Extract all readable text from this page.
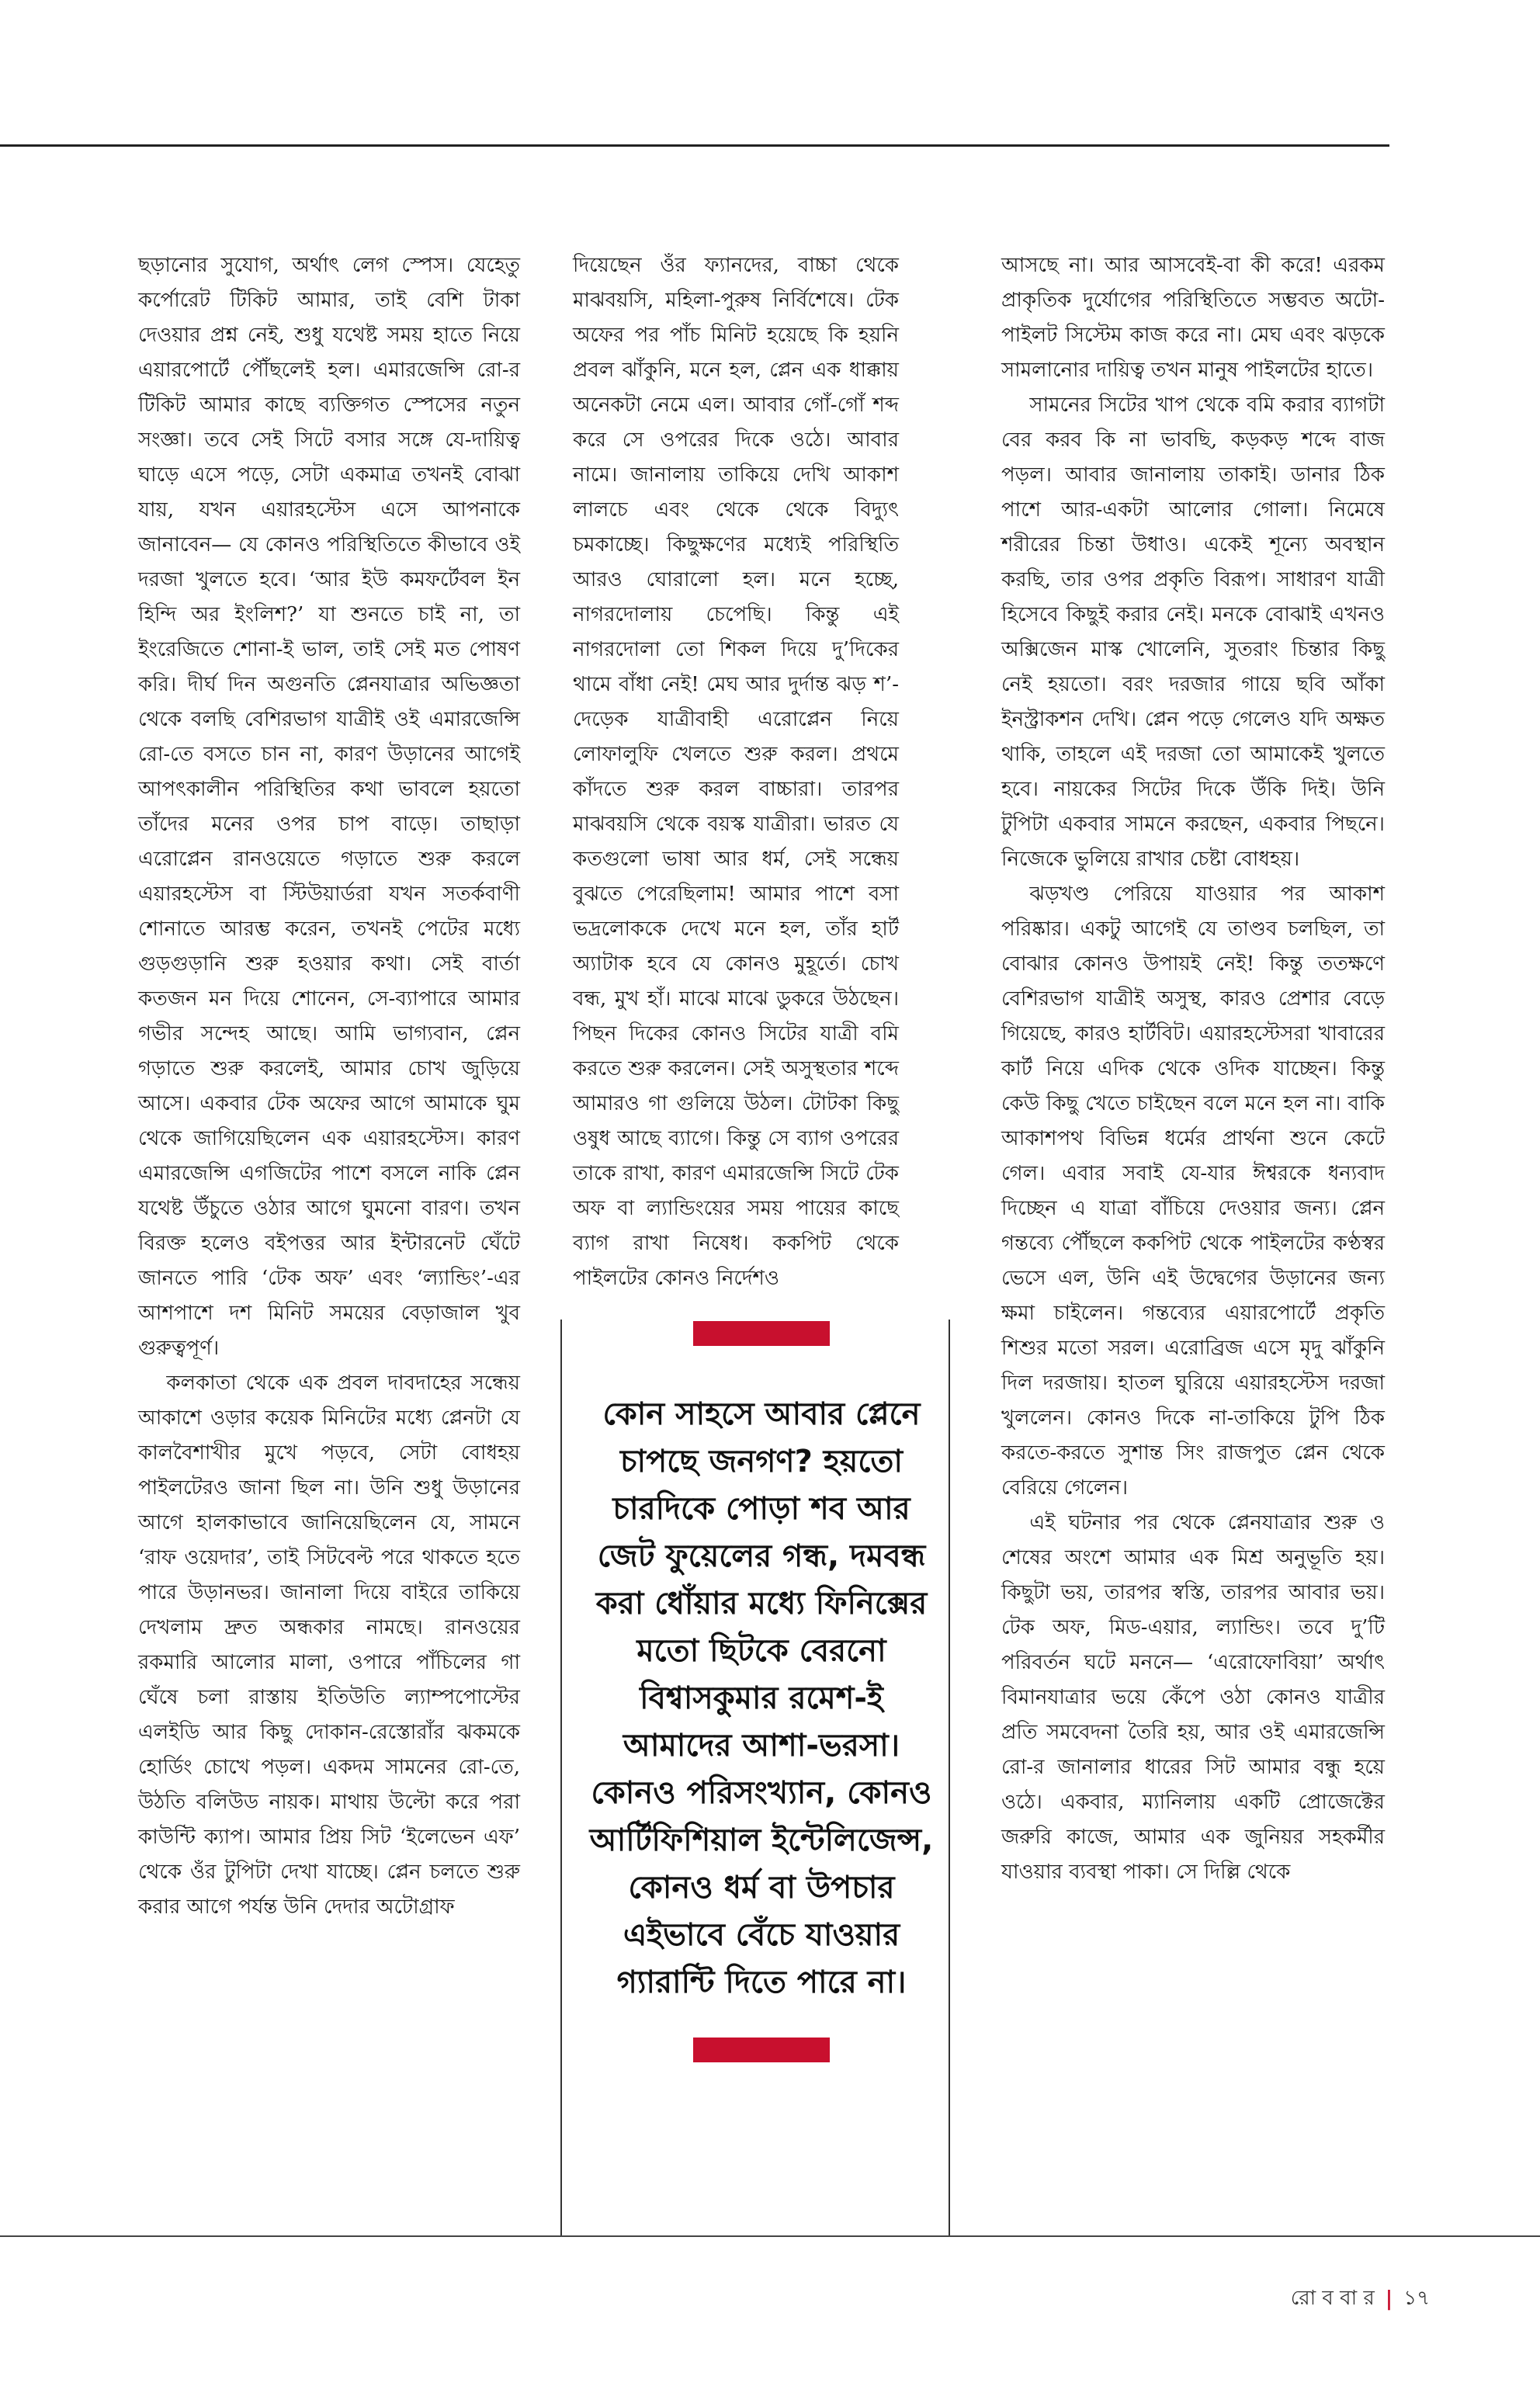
ছড়ানোর সুযোগ, অর্থাৎ লেগ স্পেস। যেহেতু কর্পোরেট টিকিট আমার, তাই বেশি টাকা দেওয়ার প্রশ্ন নেই, শুধু যথেষ্ট সময় হাতে নিয়ে এয়ারপোর্টে পৌঁছলেই হল। এমারজেন্সি রো-র টিকিট আমার কাছে ব্যক্তিগত স্পেসের নতুন সংজ্ঞা। তবে সেই সিটে বসার সঙ্গে যে-দায়িত্ব ঘাড়ে এসে পড়ে, সেটা একমাত্র তখনই বোঝা যায়, যখন এয়ারহস্টেস এসে আপনাকে জানাবেন— যে কোনও পরিস্থিতিতে কীভাবে ওই দরজা খুলতে হবে। ‘আর ইউ কমফর্টেবল ইন হিন্দি অর ইংলিশ?’ যা শুনতে চাই না, তা ইংরেজিতে শোনা-ই ভাল, তাই সেই মত পোষণ করি। দীর্ঘ দিন অগুনতি প্লেনযাত্রার অভিজ্ঞতা থেকে বলছি বেশিরভাগ যাত্রীই ওই এমারজেন্সি রো-তে বসতে চান না, কারণ উড়ানের আগেই আপৎকালীন পরিস্থিতির কথা ভাবলে হয়তো তাঁদের মনের ওপর চাপ বাড়ে। তাছাড়া এরোপ্লেন রানওয়েতে গড়াতে শুরু করলে এয়ারহস্টেস বা স্টিউয়ার্ডরা যখন সতর্কবাণী শোনাতে আরম্ভ করেন, তখনই পেটের মধ্যে গুড়গুড়ানি শুরু হওয়ার কথা। সেই বার্তা কতজন মন দিয়ে শোনেন, সে-ব্যাপারে আমার গভীর সন্দেহ আছে। আমি ভাগ্যবান, প্লেন গড়াতে শুরু করলেই, আমার চোখ জুড়িয়ে আসে। একবার টেক অফের আগে আমাকে ঘুম থেকে জাগিয়েছিলেন এক এয়ারহস্টেস। কারণ এমারজেন্সি এগজিটের পাশে বসলে নাকি প্লেন যথেষ্ট উঁচুতে ওঠার আগে ঘুমনো বারণ। তখন বিরক্ত হলেও বইপত্তর আর ইন্টারনেট ঘেঁটে জানতে পারি ‘টেক অফ’ এবং ‘ল্যান্ডিং’-এর আশপাশে দশ মিনিট সময়ের বেড়াজাল খুব গুরুত্বপূর্ণ।

কলকাতা থেকে এক প্রবল দাবদাহের সন্ধেয় আকাশে ওড়ার কয়েক মিনিটের মধ্যে প্লেনটা যে কালবৈশাখীর মুখে পড়বে, সেটা বোধহয় পাইলটেরও জানা ছিল না। উনি শুধু উড়ানের আগে হালকাভাবে জানিয়েছিলেন যে, সামনে ‘রাফ ওয়েদার’, তাই সিটবেল্ট পরে থাকতে হতে পারে উড়ানভর। জানালা দিয়ে বাইরে তাকিয়ে দেখলাম দ্রুত অন্ধকার নামছে। রানওয়ের রকমারি আলোর মালা, ওপারে পাঁচিলের গা ঘেঁষে চলা রাস্তায় ইতিউতি ল্যাম্পপোস্টের এলইডি আর কিছু দোকান-রেস্তোরাঁর ঝকমকে হোর্ডিং চোখে পড়ল। একদম সামনের রো-তে, উঠতি বলিউড নায়ক। মাথায় উল্টো করে পরা কাউন্টি ক্যাপ। আমার প্রিয় সিট ‘ইলেভেন এফ’ থেকে ওঁর টুপিটা দেখা যাচ্ছে। প্লেন চলতে শুরু করার আগে পর্যন্ত উনি দেদার অটোগ্রাফ

দিয়েছেন ওঁর ফ্যানদের, বাচ্চা থেকে মাঝবয়সি, মহিলা-পুরুষ নির্বিশেষে। টেক অফের পর পাঁচ মিনিট হয়েছে কি হয়নি প্রবল ঝাঁকুনি, মনে হল, প্লেন এক ধাক্কায় অনেকটা নেমে এল। আবার গোঁ-গোঁ শব্দ করে সে ওপরের দিকে ওঠে। আবার নামে। জানালায় তাকিয়ে দেখি আকাশ লালচে এবং থেকে থেকে বিদ্যুৎ চমকাচ্ছে। কিছুক্ষণের মধ্যেই পরিস্থিতি আরও ঘোরালো হল। মনে হচ্ছে, নাগরদোলায় চেপেছি। কিন্তু এই নাগরদোলা তো শিকল দিয়ে দু’দিকের থামে বাঁধা নেই! মেঘ আর দুর্দান্ত ঝড় শ’-দেড়েক যাত্রীবাহী এরোপ্লেন নিয়ে লোফালুফি খেলতে শুরু করল। প্রথমে কাঁদতে শুরু করল বাচ্চারা। তারপর মাঝবয়সি থেকে বয়স্ক যাত্রীরা। ভারত যে কতগুলো ভাষা আর ধর্ম, সেই সন্ধেয় বুঝতে পেরেছিলাম! আমার পাশে বসা ভদ্রলোককে দেখে মনে হল, তাঁর হার্ট অ্যাটাক হবে যে কোনও মুহূর্তে। চোখ বন্ধ, মুখ হাঁ। মাঝে মাঝে ডুকরে উঠছেন। পিছন দিকের কোনও সিটের যাত্রী বমি করতে শুরু করলেন। সেই অসুস্থতার শব্দে আমারও গা গুলিয়ে উঠল। টোটকা কিছু ওষুধ আছে ব্যাগে। কিন্তু সে ব্যাগ ওপরের তাকে রাখা, কারণ এমারজেন্সি সিটে টেক অফ বা ল্যান্ডিংয়ের সময় পায়ের কাছে ব্যাগ রাখা নিষেধ। ককপিট থেকে পাইলটের কোনও নির্দেশও

কোন সাহসে আবার প্লেনে চাপছে জনগণ? হয়তো চারদিকে পোড়া শব আর জেট ফুয়েলের গন্ধ, দমবন্ধ করা ধোঁয়ার মধ্যে ফিনিক্সের মতো ছিটকে বেরনো বিশ্বাসকুমার রমেশ-ই আমাদের আশা-ভরসা। কোনও পরিসংখ্যান, কোনও আর্টিফিশিয়াল ইন্টেলিজেন্স, কোনও ধর্ম বা উপচার এইভাবে বেঁচে যাওয়ার গ্যারান্টি দিতে পারে না।

আসছে না। আর আসবেই-বা কী করে! এরকম প্রাকৃতিক দুর্যোগের পরিস্থিতিতে সম্ভবত অটো-পাইলট সিস্টেম কাজ করে না। মেঘ এবং ঝড়কে সামলানোর দায়িত্ব তখন মানুষ পাইলটের হাতে।

সামনের সিটের খাপ থেকে বমি করার ব্যাগটা বের করব কি না ভাবছি, কড়কড় শব্দে বাজ পড়ল। আবার জানালায় তাকাই। ডানার ঠিক পাশে আর-একটা আলোর গোলা। নিমেষে শরীরের চিন্তা উধাও। একেই শূন্যে অবস্থান করছি, তার ওপর প্রকৃতি বিরূপ। সাধারণ যাত্রী হিসেবে কিছুই করার নেই। মনকে বোঝাই এখনও অক্সিজেন মাস্ক খোলেনি, সুতরাং চিন্তার কিছু নেই হয়তো। বরং দরজার গায়ে ছবি আঁকা ইনস্ট্রাকশন দেখি। প্লেন পড়ে গেলেও যদি অক্ষত থাকি, তাহলে এই দরজা তো আমাকেই খুলতে হবে। নায়কের সিটের দিকে উঁকি দিই। উনি টুপিটা একবার সামনে করছেন, একবার পিছনে। নিজেকে ভুলিয়ে রাখার চেষ্টা বোধহয়।

ঝড়খণ্ড পেরিয়ে যাওয়ার পর আকাশ পরিষ্কার। একটু আগেই যে তাণ্ডব চলছিল, তা বোঝার কোনও উপায়ই নেই! কিন্তু ততক্ষণে বেশিরভাগ যাত্রীই অসুস্থ, কারও প্রেশার বেড়ে গিয়েছে, কারও হার্টবিট। এয়ারহস্টেসরা খাবারের কার্ট নিয়ে এদিক থেকে ওদিক যাচ্ছেন। কিন্তু কেউ কিছু খেতে চাইছেন বলে মনে হল না। বাকি আকাশপথ বিভিন্ন ধর্মের প্রার্থনা শুনে কেটে গেল। এবার সবাই যে-যার ঈশ্বরকে ধন্যবাদ দিচ্ছেন এ যাত্রা বাঁচিয়ে দেওয়ার জন্য। প্লেন গন্তব্যে পৌঁছলে ককপিট থেকে পাইলটের কণ্ঠস্বর ভেসে এল, উনি এই উদ্বেগের উড়ানের জন্য ক্ষমা চাইলেন। গন্তব্যের এয়ারপোর্টে প্রকৃতি শিশুর মতো সরল। এরোব্রিজ এসে মৃদু ঝাঁকুনি দিল দরজায়। হাতল ঘুরিয়ে এয়ারহস্টেস দরজা খুললেন। কোনও দিকে না-তাকিয়ে টুপি ঠিক করতে-করতে সুশান্ত সিং রাজপুত প্লেন থেকে বেরিয়ে গেলেন।

এই ঘটনার পর থেকে প্লেনযাত্রার শুরু ও শেষের অংশে আমার এক মিশ্র অনুভূতি হয়। কিছুটা ভয়, তারপর স্বস্তি, তারপর আবার ভয়। টেক অফ, মিড-এয়ার, ল্যান্ডিং। তবে দু’টি পরিবর্তন ঘটে মননে— ‘এরোফোবিয়া’ অর্থাৎ বিমানযাত্রার ভয়ে কেঁপে ওঠা কোনও যাত্রীর প্রতি সমবেদনা তৈরি হয়, আর ওই এমারজেন্সি রো-র জানালার ধারের সিট আমার বন্ধু হয়ে ওঠে। একবার, ম্যানিলায় একটি প্রোজেক্টের জরুরি কাজে, আমার এক জুনিয়র সহকর্মীর যাওয়ার ব্যবস্থা পাকা। সে দিল্লি থেকে

রো ব বা র | ১৭
